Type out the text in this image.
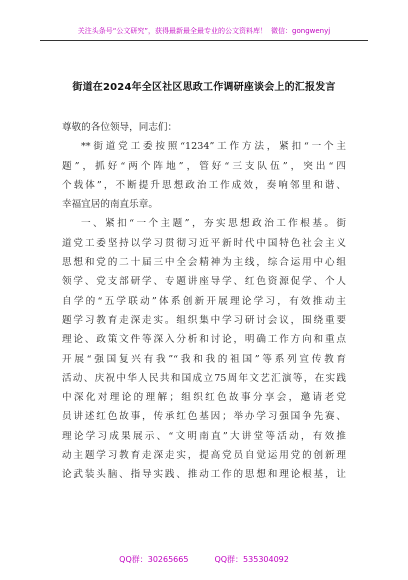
关注头条号“公文研究”，获得最新最全最专业的公文资料库！ 微信：gongwenyj
街道在2024年全区社区思政工作调研座谈会上的汇报发言
尊敬的各位领导，同志们：
**街道党工委按照“1234”工作方法，紧扣“一个主
题”，抓好“两个阵地”，管好“三支队伍”，突出“四
个载体”，不断提升思想政治工作成效，奏响邻里和谐、
幸福宜居的南直乐章。
一、紧扣“一个主题”，夯实思想政治工作根基。街
道党工委坚持以学习贯彻习近平新时代中国特色社会主义
思想和党的二十届三中全会精神为主线，综合运用中心组
领学、党支部研学、专题讲座导学、红色资源促学、个人
自学的“五学联动”体系创新开展理论学习，有效推动主
题学习教育走深走实。组织集中学习研讨会议，围绕重要
理论、政策文件等深入分析和讨论，明确工作方向和重点
开展“强国复兴有我”“我和我的祖国”等系列宣传教育
活动、庆祝中华人民共和国成立75周年文艺汇演等，在实践
中深化对理论的理解；组织红色故事分享会，邀请老党
员讲述红色故事，传承红色基因；举办学习强国争先赛、
理论学习成果展示、“文明南直”大讲堂等活动，有效推
动主题学习教育走深走实，提高党员自觉运用党的创新理
论武装头脑、指导实践、推动工作的思想和理论根基，让
QQ群：30265665	QQ群：535304092
